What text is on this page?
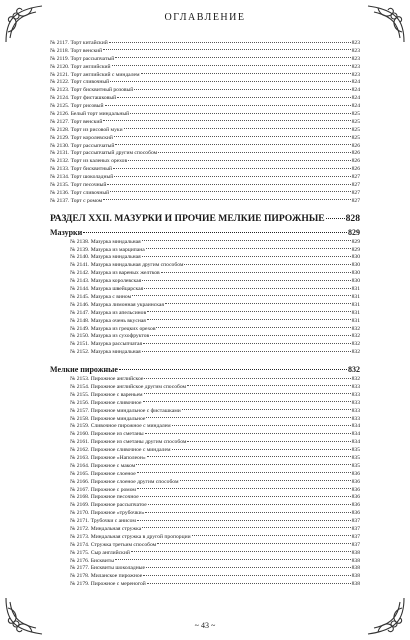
ОГЛАВЛЕНИЕ
№ 2117. Торт китайский	823
№ 2118. Торт венский	823
№ 2119. Торт рассыпчатый	823
№ 2120. Торт английский	823
№ 2121. Торт английский с миндалем	823
№ 2122. Торт сливочный	824
№ 2123. Торт бисквитный розовый	824
№ 2124. Торт фисташковый	824
№ 2125. Торт рисовый	824
№ 2126. Белый торт миндальный	825
№ 2127. Торт венский	825
№ 2128. Торт из рисовой муки	825
№ 2129. Торт королевский	825
№ 2130. Торт рассыпчатый	826
№ 2131. Торт рассыпчатый другим способом	826
№ 2132. Торт из каленых орехов	826
№ 2133. Торт бисквитный	826
№ 2134. Торт шоколадный	827
№ 2135. Торт песочный	827
№ 2136. Торт сливочный	827
№ 2137. Торт с ромом	827
РАЗДЕЛ XXII. МАЗУРКИ И ПРОЧИЕ МЕЛКИЕ ПИРОЖНЫЕ 828
Мазурки	829
№ 2138. Мазурка миндальная	829
№ 2139. Мазурка из марципана	829
№ 2140. Мазурка миндальная	830
№ 2141. Мазурка миндальная другим способом	830
№ 2142. Мазурка из вареных желтков	830
№ 2143. Мазурка королевская	830
№ 2144. Мазурка швейцарская	831
№ 2145. Мазурка с вином	831
№ 2146. Мазурка лимонная украинская	831
№ 2147. Мазурка из апельсинов	831
№ 2148. Мазурка очень вкусная	831
№ 2149. Мазурка из грецких орехов	832
№ 2150. Мазурка из сухофруктов	832
№ 2151. Мазурка рассыпчатая	832
№ 2152. Мазурка миндальная	832
Мелкие пирожные	832
№ 2153. Пирожное английское	832
№ 2154. Пирожное английское другим способом	833
№ 2155. Пирожное с вареньем	833
№ 2156. Пирожное сливочное	833
№ 2157. Пирожное миндальное с фисташками	833
№ 2158. Пирожное миндальное	833
№ 2159. Сливочное пирожное с миндалем	834
№ 2160. Пирожное из сметаны	834
№ 2161. Пирожное из сметаны другим способом	834
№ 2162. Пирожное сливочное с миндалем	835
№ 2163. Пирожное «Наполеон»	835
№ 2164. Пирожное с маком	835
№ 2165. Пирожное слоеное	836
№ 2166. Пирожное слоеное другим способом	836
№ 2167. Пирожное с ромом	836
№ 2168. Пирожное песочное	836
№ 2169. Пирожное рассыпчатое	836
№ 2170. Пирожное «трубочки»	836
№ 2171. Трубочки с анисом	837
№ 2172. Миндальная стружка	837
№ 2173. Миндальная стружка в другой пропорции	837
№ 2174. Стружка третьим способом	837
№ 2175. Сыр английский	838
№ 2176. Бисквиты	838
№ 2177. Бисквиты шоколадные	838
№ 2178. Миланское пирожное	838
№ 2179. Пирожное с мереногой	838
~ 43 ~
